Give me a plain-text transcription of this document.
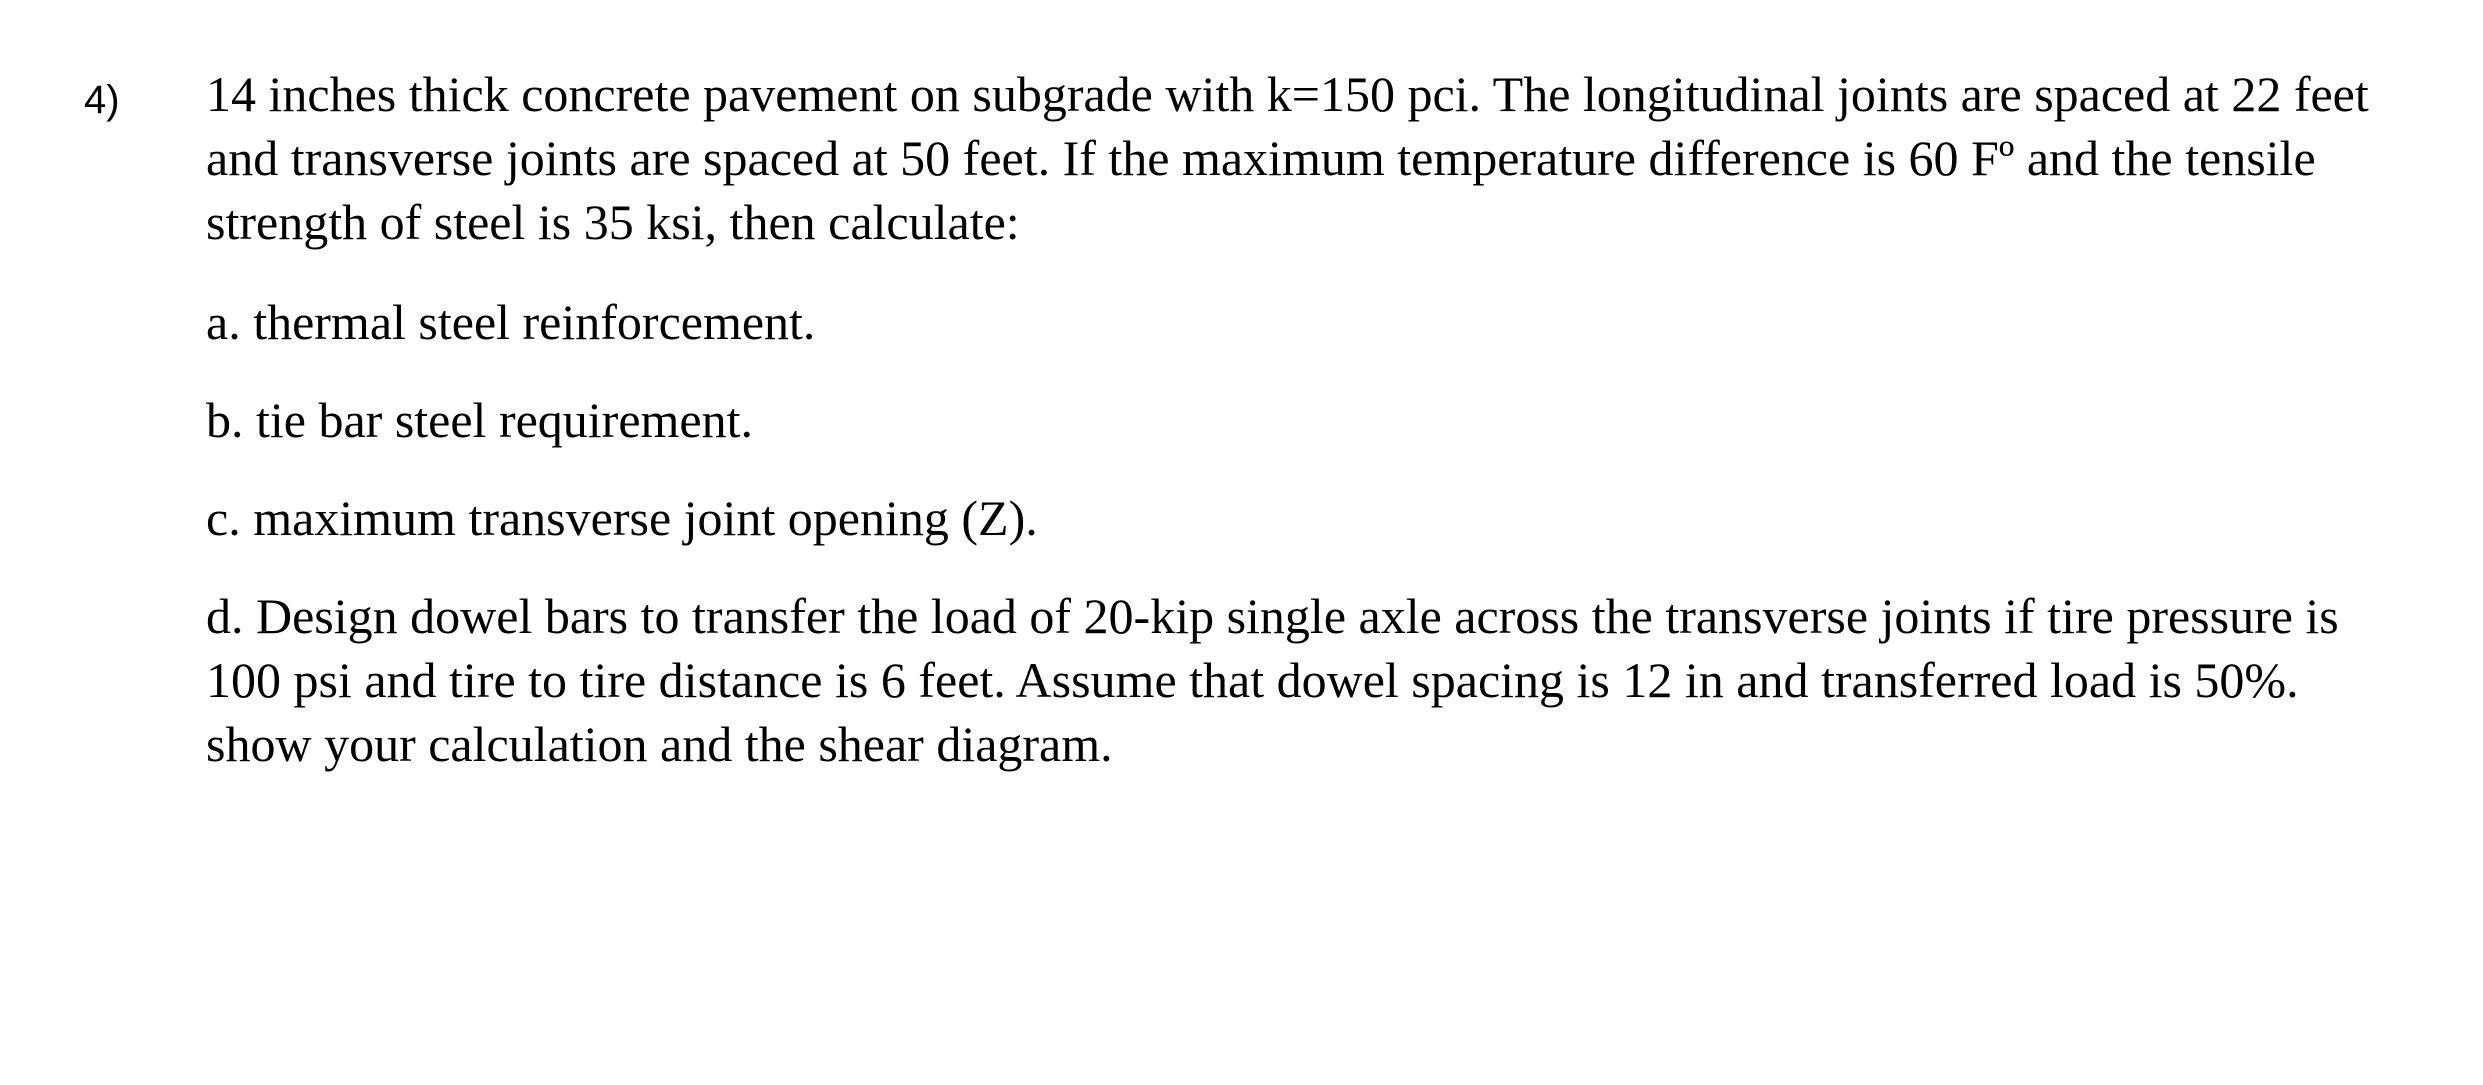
4) 14 inches thick concrete pavement on subgrade with k=150 pci. The longitudinal joints are spaced at 22 feet and transverse joints are spaced at 50 feet. If the maximum temperature difference is 60 Fº and the tensile strength of steel is 35 ksi, then calculate:

a. thermal steel reinforcement.

b. tie bar steel requirement.

c. maximum transverse joint opening (Z).

d. Design dowel bars to transfer the load of 20-kip single axle across the transverse joints if tire pressure is 100 psi and tire to tire distance is 6 feet. Assume that dowel spacing is 12 in and transferred load is 50%. show your calculation and the shear diagram.
